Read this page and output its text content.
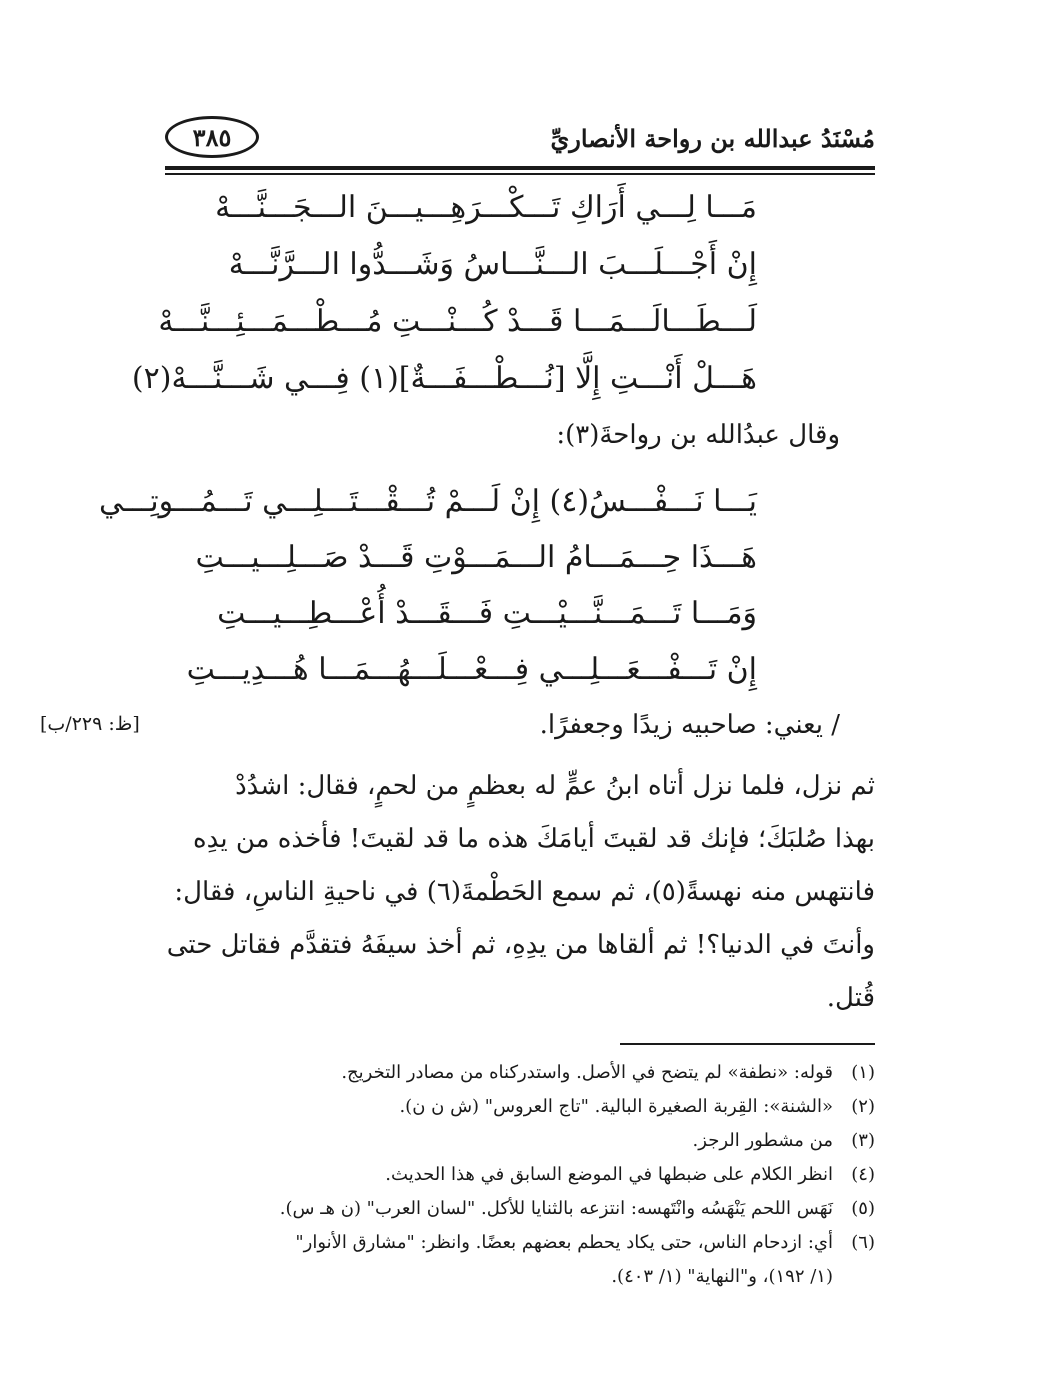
مُسْنَدُ عبدالله بن رواحة الأنصاريِّ
٣٨٥
مَـــا لِـــي أَرَاكِ تَـــكْـــرَهِـــيـــنَ الـــجَـــنَّـــهْ
إِنْ أَجْـــلَـــبَ الـــنَّـــاسُ وَشَـــدُّوا الـــرَّنَّـــهْ
لَـــطَـــالَـــمَـــا قَـــدْ كُـــنْـــتِ مُـــطْـــمَـــئِـــنَّـــهْ
هَـــلْ أَنْـــتِ إِلَّا [نُـــطْـــفَـــةٌ](١) فِـــي شَـــنَّـــهْ(٢)
وقال عبدُالله بن رواحةَ(٣):
يَـــا نَـــفْـــسُ(٤) إِنْ لَـــمْ تُـــقْـــتَـــلِـــي تَـــمُـــوتِـــي
هَـــذَا حِـــمَـــامُ الـــمَـــوْتِ قَـــدْ صَـــلِـــيـــتِ
وَمَـــا تَـــمَـــنَّـــيْـــتِ فَـــقَـــدْ أُعْـــطِـــيـــتِ
إِنْ تَـــفْـــعَـــلِـــي فِـــعْـــلَـــهُـــمَـــا هُـــدِيـــتِ
[ظ: ٢٢٩/ب]	/ يعني: صاحبيه زيدًا وجعفرًا.
ثم نزل، فلما نزل أتاه ابنُ عمٍّ له بعظمٍ من لحمٍ، فقال: اشدُدْ
بهذا صُلبَكَ؛ فإنك قد لقيتَ أيامَكَ هذه ما قد لقيتَ! فأخذه من يدِه
فانتهس منه نهسةً(٥)، ثم سمع الحَطْمةَ(٦) في ناحيةِ الناسِ، فقال:
وأنتَ في الدنيا؟! ثم ألقاها من يدِهِ، ثم أخذ سيفَهُ فتقدَّم فقاتل حتى
قُتل.
(١)قوله: «نطفة» لم يتضح في الأصل. واستدركناه من مصادر التخريج.
(٢)«الشنة»: القِربة الصغيرة البالية. "تاج العروس" (ش ن ن).
(٣)من مشطور الرجز.
(٤)انظر الكلام على ضبطها في الموضع السابق في هذا الحديث.
(٥)نَهَس اللحم يَنْهَسُه وانْتَهسه: انتزعه بالثنايا للأكل. "لسان العرب" (ن هـ س).
(٦)أي: ازدحام الناس، حتى يكاد يحطم بعضهم بعضًا. وانظر: "مشارق الأنوار"
(١/ ١٩٢)، و"النهاية" (١/ ٤٠٣).
